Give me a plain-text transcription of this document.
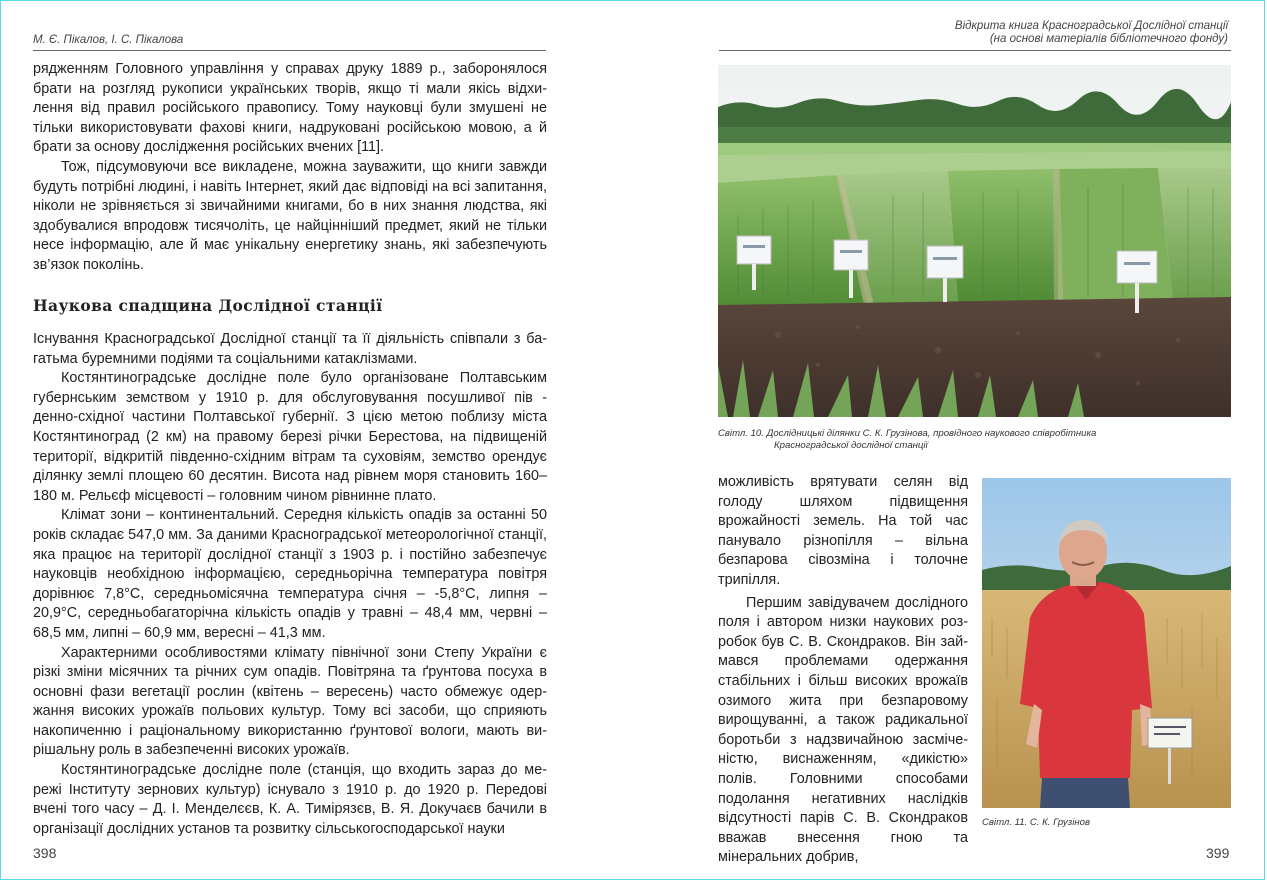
М. Є. Пікалов, І. С. Пікалова

рядженням Головного управління у справах друку 1889 р., заборонялося брати на розгляд рукописи українських творів, якщо ті мали якісь відхилення від правил російського правопису. Тому науковці були змушені не тільки використовувати фахові книги, надруковані російською мовою, а й брати за основу дослідження російських вчених [11].

Тож, підсумовуючи все викладене, можна зауважити, що книги завжди будуть потрібні людині, і навіть Інтернет, який дає відповіді на всі запитання, ніколи не зрівняється зі звичайними книгами, бо в них знання людства, які здобувалися впродовж тисячоліть, це найцінніший предмет, який не тільки несе інформацію, але й має унікальну енергетику знань, які забезпечують зв’язок поколінь.

Наукова спадщина Дослідної станції

Існування Красноградської Дослідної станції та її діяльність співпали з багатьма буремними подіями та соціальними катаклізмами.

Костянтиноградське дослідне поле було організоване Полтавським губернським земством у 1910 р. для обслуговування посушливої пів - денно-східної частини Полтавської губернії. З цією метою поблизу міста Костянтиноград (2 км) на правому березі річки Берестова, на підвищеній території, відкритій південно-східним вітрам та суховіям, земство орендує ділянку землі площею 60 десятин. Висота над рівнем моря становить 160–180 м. Рельєф місцевості – головним чином рівнинне плато.

Клімат зони – континентальний. Середня кількість опадів за останні 50 років складає 547,0 мм. За даними Красноградської метеорологічної станції, яка працює на території дослідної станції з 1903 р. і постійно забезпечує науковців необхідною інформацією, середньорічна температура повітря дорівнює 7,8°С, середньомісячна температура січня – -5,8°С, липня – 20,9°С, середньобагаторічна кількість опадів у травні – 48,4 мм, червні – 68,5 мм, липні – 60,9 мм, вересні – 41,3 мм.

Характерними особливостями клімату північної зони Степу України є різкі зміни місячних та річних сум опадів. Повітряна та ґрунтова посуха в основні фази вегетації рослин (квітень – вересень) часто обмежує одержання високих урожаїв польових культур. Тому всі засоби, що сприяють накопиченню і раціональному використанню ґрунтової вологи, мають вирішальну роль в забезпеченні високих урожаїв.

Костянтиноградське дослідне поле (станція, що входить зараз до мережі Інституту зернових культур) існувало з 1910 р. до 1920 р. Передові вчені того часу – Д. І. Менделєєв, К. А. Тимірязєв, В. Я. Докучаєв бачили в організації дослідних установ та розвитку сільськогосподарської науки

398
Відкрита книга Красноградської Дослідної станції
(на основі матеріалів бібліотечного фонду)
Світл. 10. Дослідницькі ділянки С. К. Грузінова, провідного наукового співробітника
Красноградської дослідної станції

можливість врятувати селян від голоду шляхом підвищення врожайності земель. На той час панувало різнопілля – вільна безпарова сівозміна і толочне трипілля.

Першим завідувачем дослідного поля і автором низки наукових розробок був С. В. Скондраков. Він займався проблемами одержання стабільних і більш високих врожаїв озимого жита при безпаровому вирощуванні, а також радикальної боротьби з надзвичайною засміченістю, виснаженням, «дикістю» полів. Головними способами подолання негативних наслідків відсутності парів С. В. Скондраков вважав внесення гною та мінеральних добрив,

Світл. 11. С. К. Грузінов
399
